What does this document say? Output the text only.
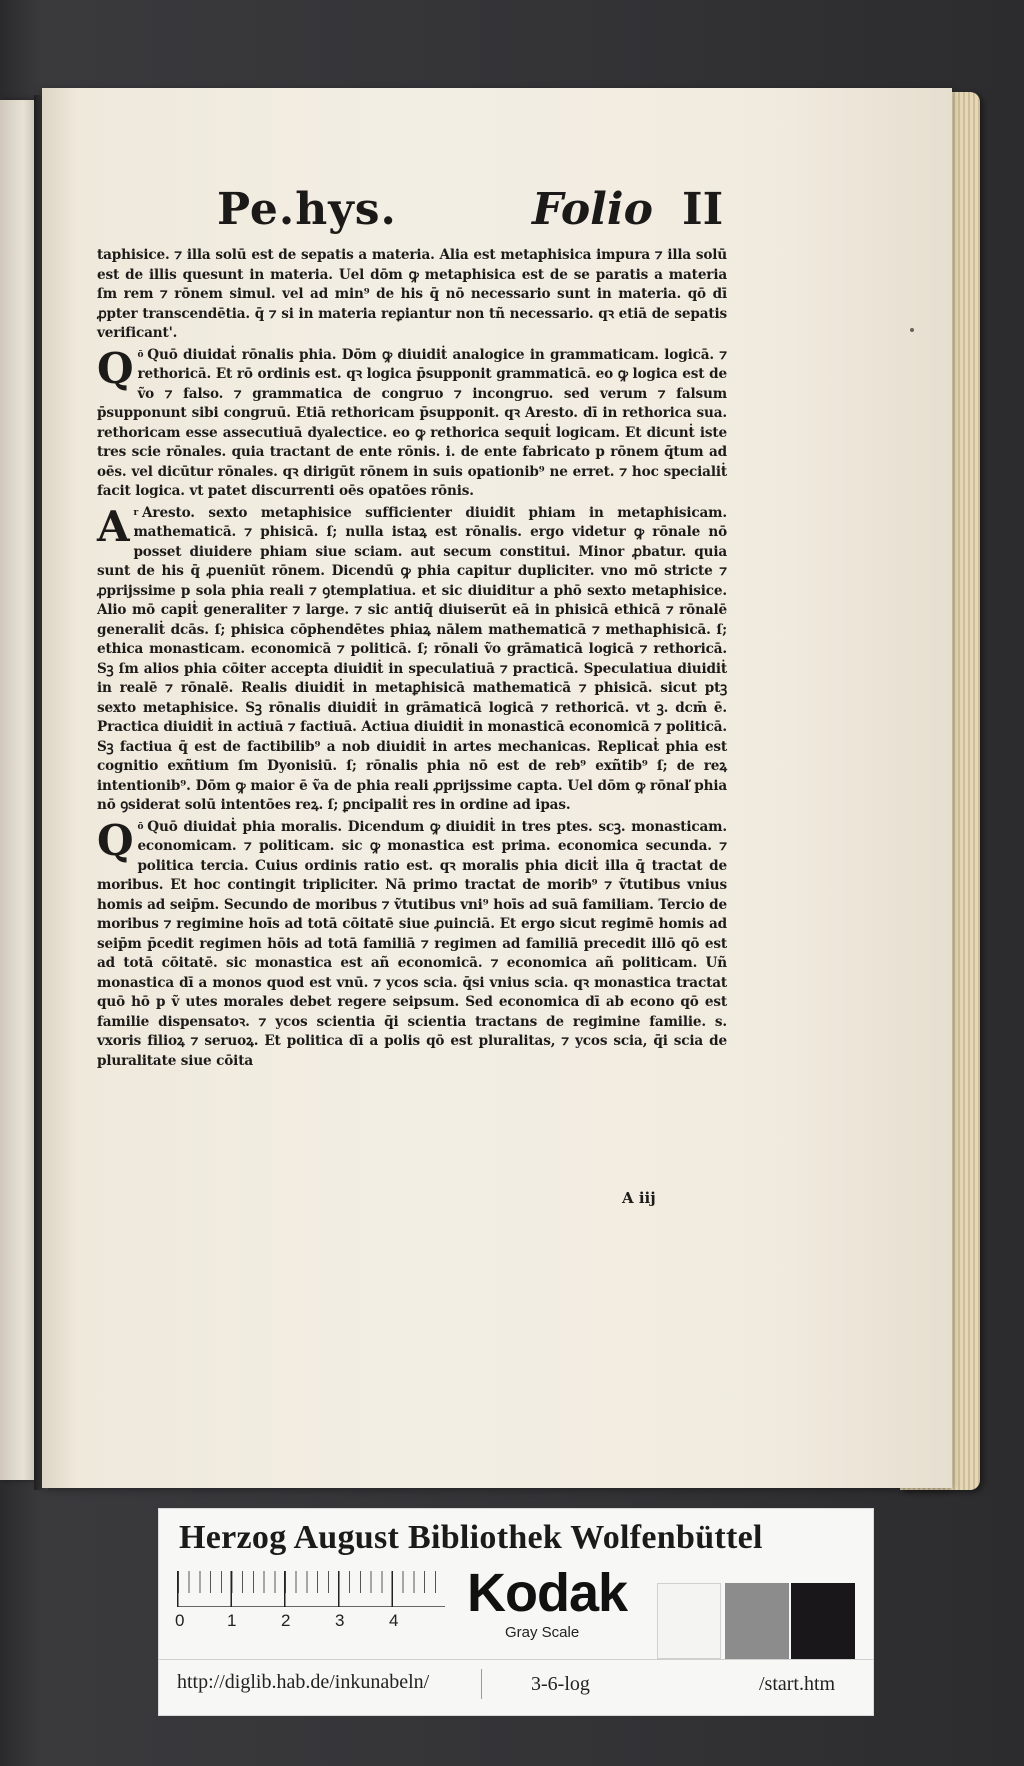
Pe.hys.	Folio II

taphisice. ⁊ illa solū est de sepatis a materia. Alia est metaphisica impura ⁊ illa solū est de illis quesunt in materia. Uel dōm ꝙ metaphisica est de se paratis a materia ſm rem ⁊ rōnem simul. vel ad min⁹ de his q̄ nō necessario sunt in materia. qō dī ꝓpter transcendētia. q̄ ⁊ si in materia reꝑiantur non tñ necessario. qꝛ etiā de sepatis verificant'.

Q $^ō$ Quō diuidaṫ rōnalis phia. Dōm ꝙ diuidiṫ analogice in grammaticam. logicā. ⁊ rethoricā. Et rō ordinis est. qꝛ logica p̄supponit grammaticā. eo ꝙ logica est de ṽo ⁊ falso. ⁊ grammatica de congruo ⁊ incongruo. sed verum ⁊ falsum p̄supponunt sibi congruū. Etiā rethoricam p̄supponit. qꝛ Aresto. dī in rethorica sua. rethoricam esse assecutiuā dyalectice. eo ꝙ rethorica sequiṫ logicam. Et dicunṫ iste tres scie rōnales. quia tractant de ente rōnis. i. de ente fabricato p rōnem q̄tum ad oēs. vel dicūtur rōnales. qꝛ dirigūt rōnem in suis opationib⁹ ne erret. ⁊ hoc specialiṫ facit logica. vt patet discurrenti oēs opatōes rōnis.

A $^r$ Aresto. sexto metaphisice sufficienter diuidit phiam in metaphisicam. mathematicā. ⁊ phisicā. ſ; nulla istaꝝ est rōnalis. ergo videtur ꝙ rōnale nō posset diuidere phiam siue sciam. aut secum constitui. Minor ꝓbatur. quia sunt de his q̄ ꝓueniūt rōnem. Dicendū ꝙ phia capitur dupliciter. vno mō stricte ⁊ ꝓprijssime p sola phia reali ⁊ ꝯtemplatiua. et sic diuiditur a phō sexto metaphisice. Alio mō capiṫ generaliter ⁊ large. ⁊ sic antiq̄ diuiserūt eā in phisicā ethicā ⁊ rōnalē generaliṫ dcās. ſ; phisica cōphendētes phiaꝝ nālem mathematicā ⁊ methaphisicā. ſ; ethica monasticam. economicā ⁊ politicā. ſ; rōnali ṽo grāmaticā logicā ⁊ rethoricā. Sꝫ ſm alios phia cōiter accepta diuidiṫ in speculatiuā ⁊ practicā. Speculatiua diuidiṫ in realē ⁊ rōnalē. Realis diuidiṫ in metaꝑhisicā mathematicā ⁊ phisicā. sicut ptꝫ sexto metaphisice. Sꝫ rōnalis diuidiṫ in grāmaticā logicā ⁊ rethoricā. vt ꝫ. dcm̄ ē. Practica diuidiṫ in actiuā ⁊ factiuā. Actiua diuidiṫ in monasticā economicā ⁊ politicā. Sꝫ factiua q̄ est de factibilib⁹ a nob diuidiṫ in artes mechanicas. Replicaṫ phia est cognitio exñtium ſm Dyonisiū. ſ; rōnalis phia nō est de reb⁹ exñtib⁹ ſ; de reꝝ intentionib⁹. Dōm ꝙ maior ē ṽa de phia reali ꝓprijssime capta. Uel dōm ꝙ rōnaľ phia nō ꝯsiderat solū intentōes reꝝ. ſ; ꝑncipaliṫ res in ordine ad ipas.

Q $^ō$ Quō diuidaṫ phia moralis. Dicendum ꝙ diuidiṫ in tres ptes. scꝫ. monasticam. economicam. ⁊ politicam. sic ꝙ monastica est prima. economica secunda. ⁊ politica tercia. Cuius ordinis ratio est. qꝛ moralis phia diciṫ illa q̄ tractat de moribus. Et hoc contingit tripliciter. Nā primo tractat de morib⁹ ⁊ ṽtutibus vnius homis ad seip̄m. Secundo de moribus ⁊ ṽtutibus vni⁹ hoīs ad suā familiam. Tercio de moribus ⁊ regimine hoīs ad totā cōitatē siue ꝓuinciā. Et ergo sicut regimē homis ad seip̄m p̄cedit regimen hōis ad totā familiā ⁊ regimen ad familiā precedit illō qō est ad totā cōitatē. sic monastica est añ economicā. ⁊ economica añ politicam. Uñ monastica dī a monos quod est vnū. ⁊ ycos scia. q̄si vnius scia. qꝛ monastica tractat quō hō p ṽ utes morales debet regere seipsum. Sed economica dī ab econo qō est familie dispensatoꝛ. ⁊ ycos scientia q̄i scientia tractans de regimine familie. s. vxoris filioꝝ ⁊ seruoꝝ. Et politica dī a polis qō est pluralitas, ⁊ ycos scia, q̄i scia de pluralitate siue cōita

A iij
Herzog August Bibliothek Wolfenbüttel
0	1	2	3	4 Kodak
Gray Scale
http://diglib.hab.de/inkunabeln/	3-6-log	/start.htm
